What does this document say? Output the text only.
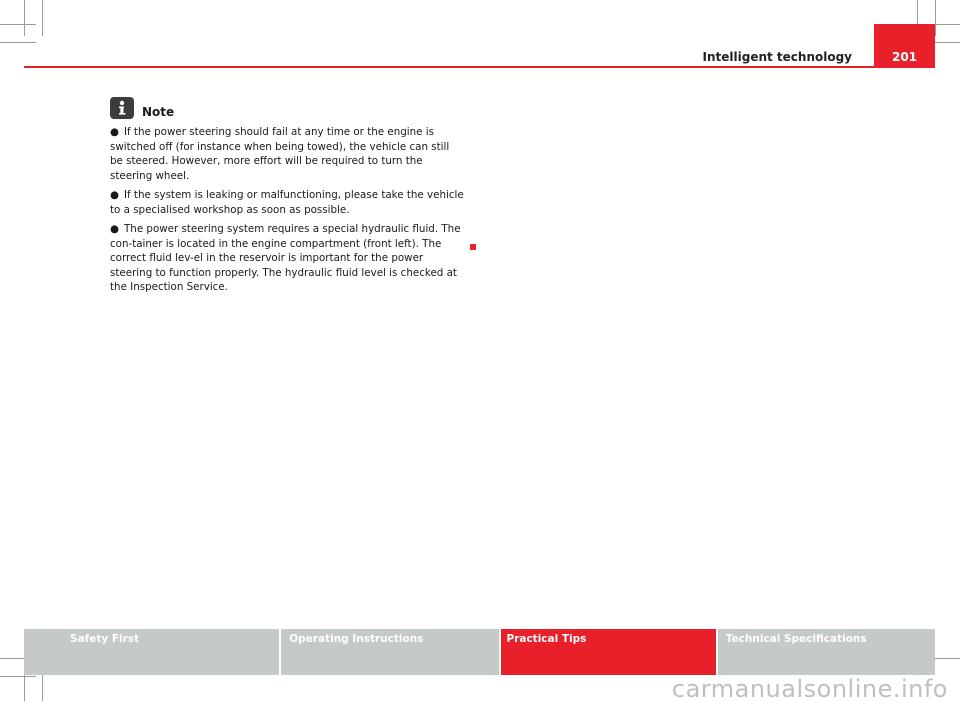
Intelligent technology	201
Note

● If the power steering should fail at any time or the engine is switched off (for instance when being towed), the vehicle can still be steered. However, more effort will be required to turn the steering wheel.

● If the system is leaking or malfunctioning, please take the vehicle to a specialised workshop as soon as possible.

● The power steering system requires a special hydraulic fluid. The con-tainer is located in the engine compartment (front left). The correct fluid lev-el in the reservoir is important for the power steering to function properly. The hydraulic fluid level is checked at the Inspection Service.

Safety First	Operating Instructions	Practical Tips	Technical Specifications
carmanualsonline.info
